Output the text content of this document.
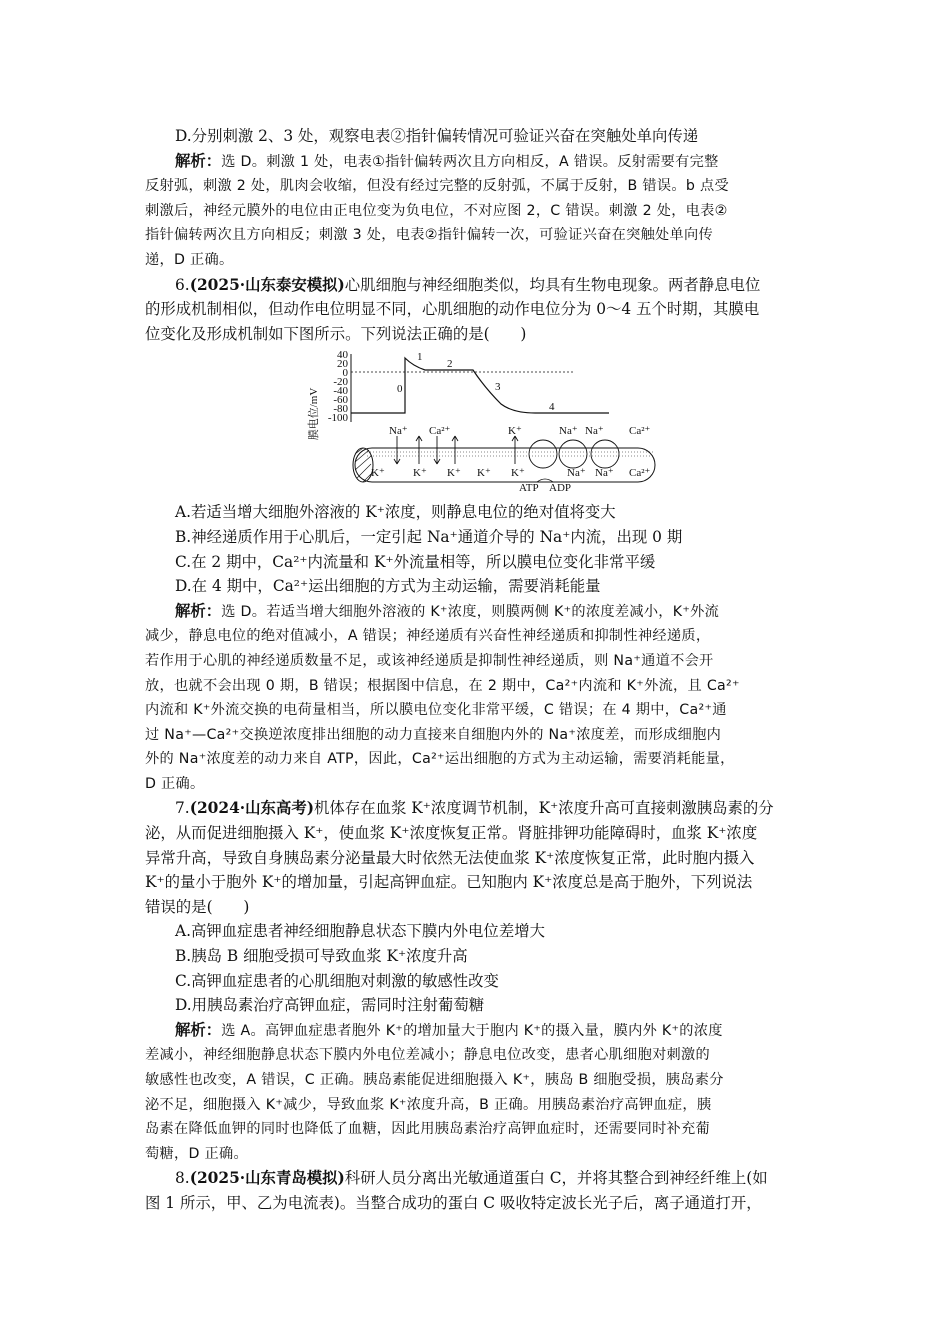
D.分别刺激 2、3 处，观察电表②指针偏转情况可验证兴奋在突触处单向传递
解析：选 D。刺激 1 处，电表①指针偏转两次且方向相反，A 错误。反射需要有完整
反射弧，刺激 2 处，肌肉会收缩，但没有经过完整的反射弧，不属于反射，B 错误。b 点受
刺激后，神经元膜外的电位由正电位变为负电位，不对应图 2，C 错误。刺激 2 处，电表②
指针偏转两次且方向相反；刺激 3 处，电表②指针偏转一次，可验证兴奋在突触处单向传
递，D 正确。
6.(2025·山东泰安模拟)心肌细胞与神经细胞类似，均具有生物电现象。两者静息电位
的形成机制相似，但动作电位明显不同，心肌细胞的动作电位分为 0～4 五个时期，其膜电
位变化及形成机制如下图所示。下列说法正确的是(　　)
膜电位/mV
40
20
0
-20
-40
-60
-80
-100
0
1
2
3
4
Na⁺ Ca²⁺	K⁺	Na⁺ Na⁺ Ca²⁺
K⁺	K⁺ K⁺ K⁺ K⁺	Na⁺ Na⁺ Ca²⁺
ATP ADP
A.若适当增大细胞外溶液的 K⁺浓度，则静息电位的绝对值将变大
B.神经递质作用于心肌后，一定引起 Na⁺通道介导的 Na⁺内流，出现 0 期
C.在 2 期中，Ca²⁺内流量和 K⁺外流量相等，所以膜电位变化非常平缓
D.在 4 期中，Ca²⁺运出细胞的方式为主动运输，需要消耗能量
解析：选 D。若适当增大细胞外溶液的 K⁺浓度，则膜两侧 K⁺的浓度差减小，K⁺外流
减少，静息电位的绝对值减小，A 错误；神经递质有兴奋性神经递质和抑制性神经递质，
若作用于心肌的神经递质数量不足，或该神经递质是抑制性神经递质，则 Na⁺通道不会开
放，也就不会出现 0 期，B 错误；根据图中信息，在 2 期中，Ca²⁺内流和 K⁺外流，且 Ca²⁺
内流和 K⁺外流交换的电荷量相当，所以膜电位变化非常平缓，C 错误；在 4 期中，Ca²⁺通
过 Na⁺—Ca²⁺交换逆浓度排出细胞的动力直接来自细胞内外的 Na⁺浓度差，而形成细胞内
外的 Na⁺浓度差的动力来自 ATP，因此，Ca²⁺运出细胞的方式为主动运输，需要消耗能量，
D 正确。
7.(2024·山东高考)机体存在血浆 K⁺浓度调节机制，K⁺浓度升高可直接刺激胰岛素的分
泌，从而促进细胞摄入 K⁺，使血浆 K⁺浓度恢复正常。肾脏排钾功能障碍时，血浆 K⁺浓度
异常升高，导致自身胰岛素分泌量最大时依然无法使血浆 K⁺浓度恢复正常，此时胞内摄入
K⁺的量小于胞外 K⁺的增加量，引起高钾血症。已知胞内 K⁺浓度总是高于胞外，下列说法
错误的是(　　)
A.高钾血症患者神经细胞静息状态下膜内外电位差增大
B.胰岛 B 细胞受损可导致血浆 K⁺浓度升高
C.高钾血症患者的心肌细胞对刺激的敏感性改变
D.用胰岛素治疗高钾血症，需同时注射葡萄糖
解析：选 A。高钾血症患者胞外 K⁺的增加量大于胞内 K⁺的摄入量，膜内外 K⁺的浓度
差减小，神经细胞静息状态下膜内外电位差减小；静息电位改变，患者心肌细胞对刺激的
敏感性也改变，A 错误，C 正确。胰岛素能促进细胞摄入 K⁺，胰岛 B 细胞受损，胰岛素分
泌不足，细胞摄入 K⁺减少，导致血浆 K⁺浓度升高，B 正确。用胰岛素治疗高钾血症，胰
岛素在降低血钾的同时也降低了血糖，因此用胰岛素治疗高钾血症时，还需要同时补充葡
萄糖，D 正确。
8.(2025·山东青岛模拟)科研人员分离出光敏通道蛋白 C，并将其整合到神经纤维上(如
图 1 所示，甲、乙为电流表)。当整合成功的蛋白 C 吸收特定波长光子后，离子通道打开，
